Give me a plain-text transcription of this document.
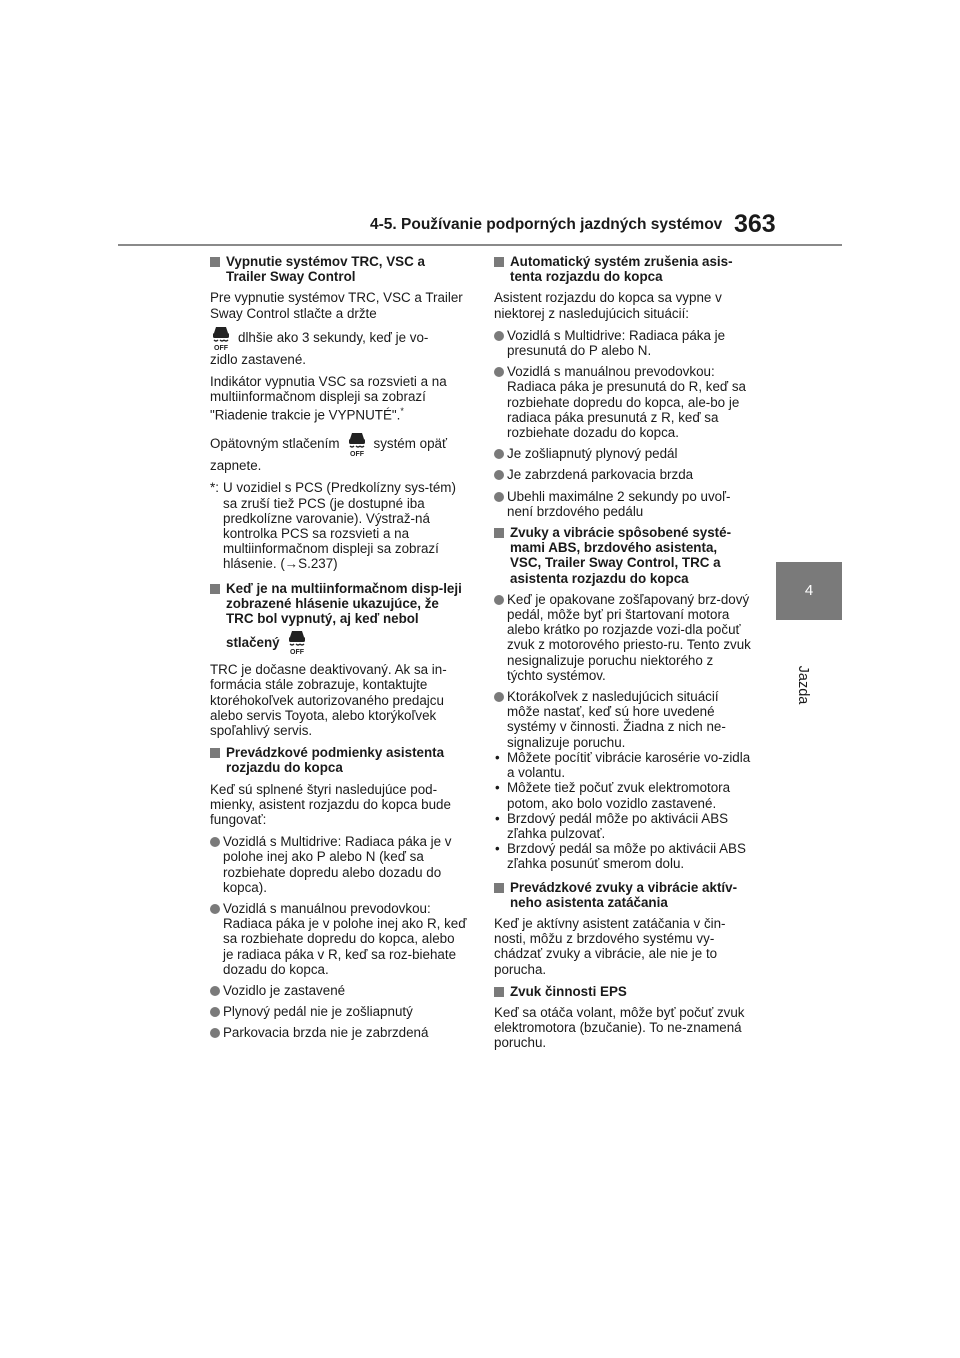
4-5. Používanie podporných jazdných systémov 363
4
Jazda
Vypnutie systémov TRC, VSC a Trailer Sway Control
Pre vypnutie systémov TRC, VSC a Trailer Sway Control stlačte a držte
OFF
dlhšie ako 3 sekundy, keď je vo-
zidlo zastavené.
Indikátor vypnutia VSC sa rozsvieti a na multiinformačnom displeji sa zobrazí "Riadenie trakcie je VYPNUTÉ".*
Opätovným stlačením
OFF
systém opäť
zapnete.
*: U vozidiel s PCS (Predkolízny sys-tém) sa zruší tiež PCS (je dostupné iba predkolízne varovanie). Výstraž-ná kontrolka PCS sa rozsvieti a na multiinformačnom displeji sa zobrazí hlásenie. (→S.237)
Keď je na multiinformačnom disp-leji zobrazené hlásenie ukazujúce, že TRC bol vypnutý, aj keď nebol
stlačený
OFF
TRC je dočasne deaktivovaný. Ak sa in-formácia stále zobrazuje, kontaktujte ktoréhokoľvek autorizovaného predajcu alebo servis Toyota, alebo ktorýkoľvek spoľahlivý servis.
Prevádzkové podmienky asistenta rozjazdu do kopca
Keď sú splnené štyri nasledujúce pod-mienky, asistent rozjazdu do kopca bude fungovať:
Vozidlá s Multidrive: Radiaca páka je v polohe inej ako P alebo N (keď sa rozbiehate dopredu alebo dozadu do kopca).
Vozidlá s manuálnou prevodovkou: Radiaca páka je v polohe inej ako R, keď sa rozbiehate dopredu do kopca, alebo je radiaca páka v R, keď sa roz-biehate dozadu do kopca.
Vozidlo je zastavené
Plynový pedál nie je zošliapnutý
Parkovacia brzda nie je zabrzdená
Automatický systém zrušenia asis-tenta rozjazdu do kopca
Asistent rozjazdu do kopca sa vypne v niektorej z nasledujúcich situácií:
Vozidlá s Multidrive: Radiaca páka je presunutá do P alebo N.
Vozidlá s manuálnou prevodovkou: Radiaca páka je presunutá do R, keď sa rozbiehate dopredu do kopca, ale-bo je radiaca páka presunutá z R, keď sa rozbiehate dozadu do kopca.
Je zošliapnutý plynový pedál
Je zabrzdená parkovacia brzda
Ubehli maximálne 2 sekundy po uvoľ-není brzdového pedálu
Zvuky a vibrácie spôsobené systé-mami ABS, brzdového asistenta, VSC, Trailer Sway Control, TRC a asistenta rozjazdu do kopca
Keď je opakovane zošľapovaný brz-dový pedál, môže byť pri štartovaní motora alebo krátko po rozjazde vozi-dla počuť zvuk z motorového priesto-ru. Tento zvuk nesignalizuje poruchu niektorého z týchto systémov.
Ktorákoľvek z nasledujúcich situácií môže nastať, keď sú hore uvedené systémy v činnosti. Žiadna z nich ne-signalizuje poruchu.
• Môžete pocítiť vibrácie karosérie vo-zidla a volantu.
• Môžete tiež počuť zvuk elektromotora potom, ako bolo vozidlo zastavené.
• Brzdový pedál môže po aktivácii ABS zľahka pulzovať.
• Brzdový pedál sa môže po aktivácii ABS zľahka posunúť smerom dolu.
Prevádzkové zvuky a vibrácie aktív-neho asistenta zatáčania
Keď je aktívny asistent zatáčania v čin-nosti, môžu z brzdového systému vy-chádzať zvuky a vibrácie, ale nie je to porucha.
Zvuk činnosti EPS
Keď sa otáča volant, môže byť počuť zvuk elektromotora (bzučanie). To ne-znamená poruchu.
